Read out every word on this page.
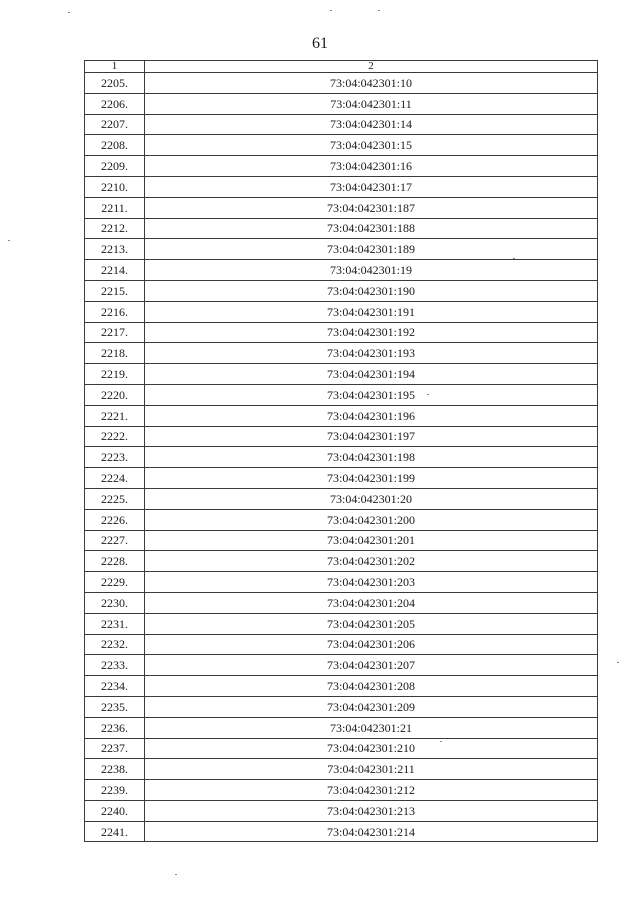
61
1	2
2205.	73:04:042301:10
2206.	73:04:042301:11
2207.	73:04:042301:14
2208.	73:04:042301:15
2209.	73:04:042301:16
2210.	73:04:042301:17
2211.	73:04:042301:187
2212.	73:04:042301:188
2213.	73:04:042301:189
2214.	73:04:042301:19
2215.	73:04:042301:190
2216.	73:04:042301:191
2217.	73:04:042301:192
2218.	73:04:042301:193
2219.	73:04:042301:194
2220.	73:04:042301:195
2221.	73:04:042301:196
2222.	73:04:042301:197
2223.	73:04:042301:198
2224.	73:04:042301:199
2225.	73:04:042301:20
2226.	73:04:042301:200
2227.	73:04:042301:201
2228.	73:04:042301:202
2229.	73:04:042301:203
2230.	73:04:042301:204
2231.	73:04:042301:205
2232.	73:04:042301:206
2233.	73:04:042301:207
2234.	73:04:042301:208
2235.	73:04:042301:209
2236.	73:04:042301:21
2237.	73:04:042301:210
2238.	73:04:042301:211
2239.	73:04:042301:212
2240.	73:04:042301:213
2241.	73:04:042301:214
